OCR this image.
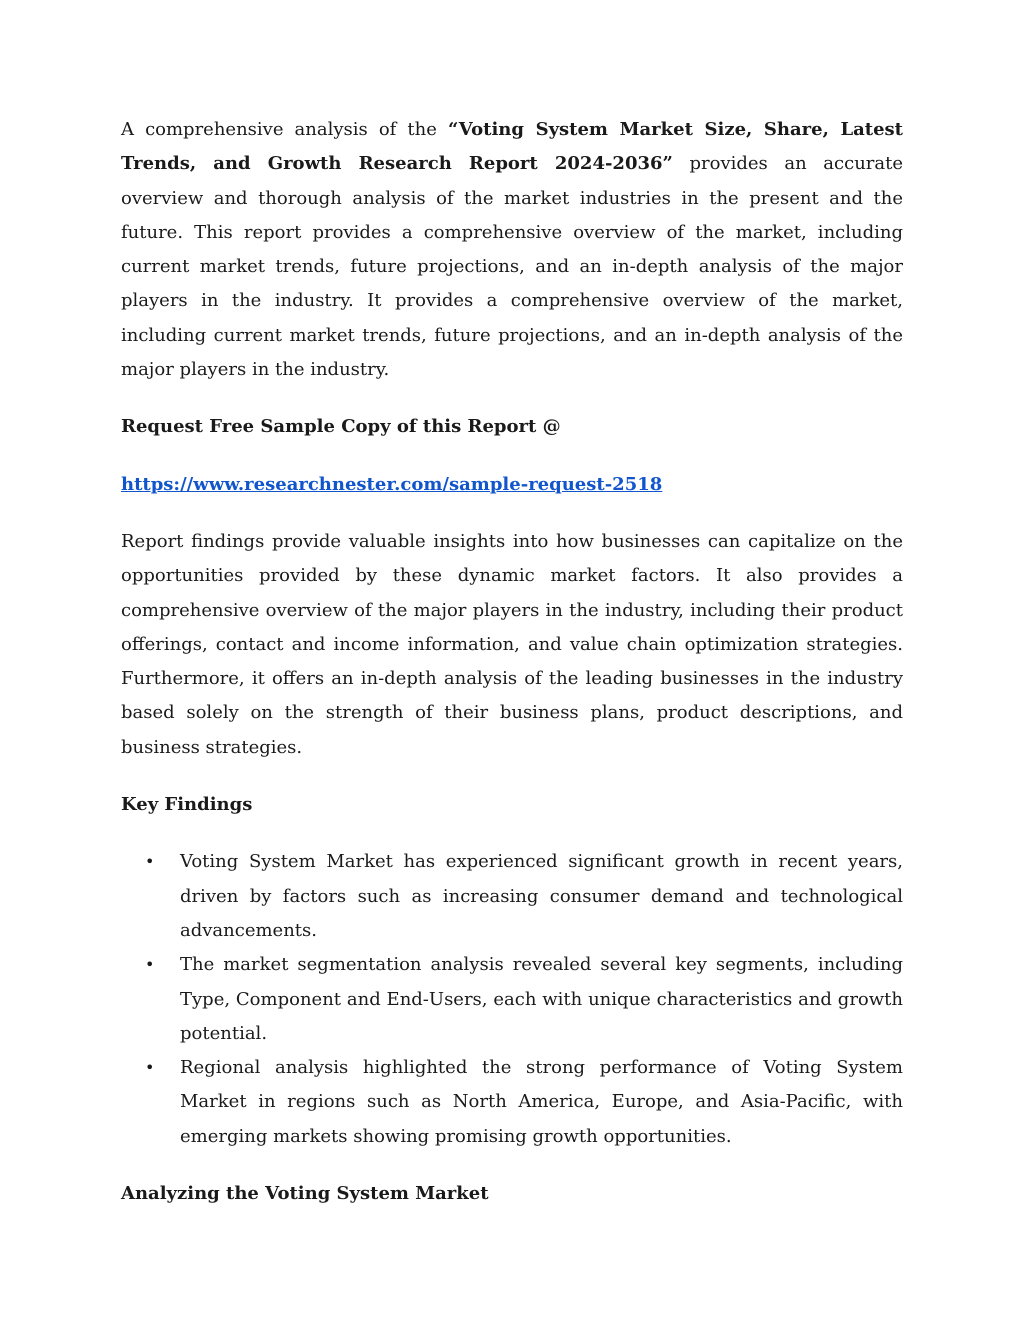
A comprehensive analysis of the “Voting System Market Size, Share, Latest Trends, and Growth Research Report 2024-2036” provides an accurate overview and thorough analysis of the market industries in the present and the future. This report provides a comprehensive overview of the market, including current market trends, future projections, and an in-depth analysis of the major players in the industry. It provides a comprehensive overview of the market, including current market trends, future projections, and an in-depth analysis of the major players in the industry.

Request Free Sample Copy of this Report @

https://www.researchnester.com/sample-request-2518

Report findings provide valuable insights into how businesses can capitalize on the opportunities provided by these dynamic market factors. It also provides a comprehensive overview of the major players in the industry, including their product offerings, contact and income information, and value chain optimization strategies. Furthermore, it offers an in-depth analysis of the leading businesses in the industry based solely on the strength of their business plans, product descriptions, and business strategies.

Key Findings

• Voting System Market has experienced significant growth in recent years, driven by factors such as increasing consumer demand and technological advancements.
• The market segmentation analysis revealed several key segments, including Type, Component and End-Users, each with unique characteristics and growth potential.
• Regional analysis highlighted the strong performance of Voting System Market in regions such as North America, Europe, and Asia-Pacific, with emerging markets showing promising growth opportunities.

Analyzing the Voting System Market
